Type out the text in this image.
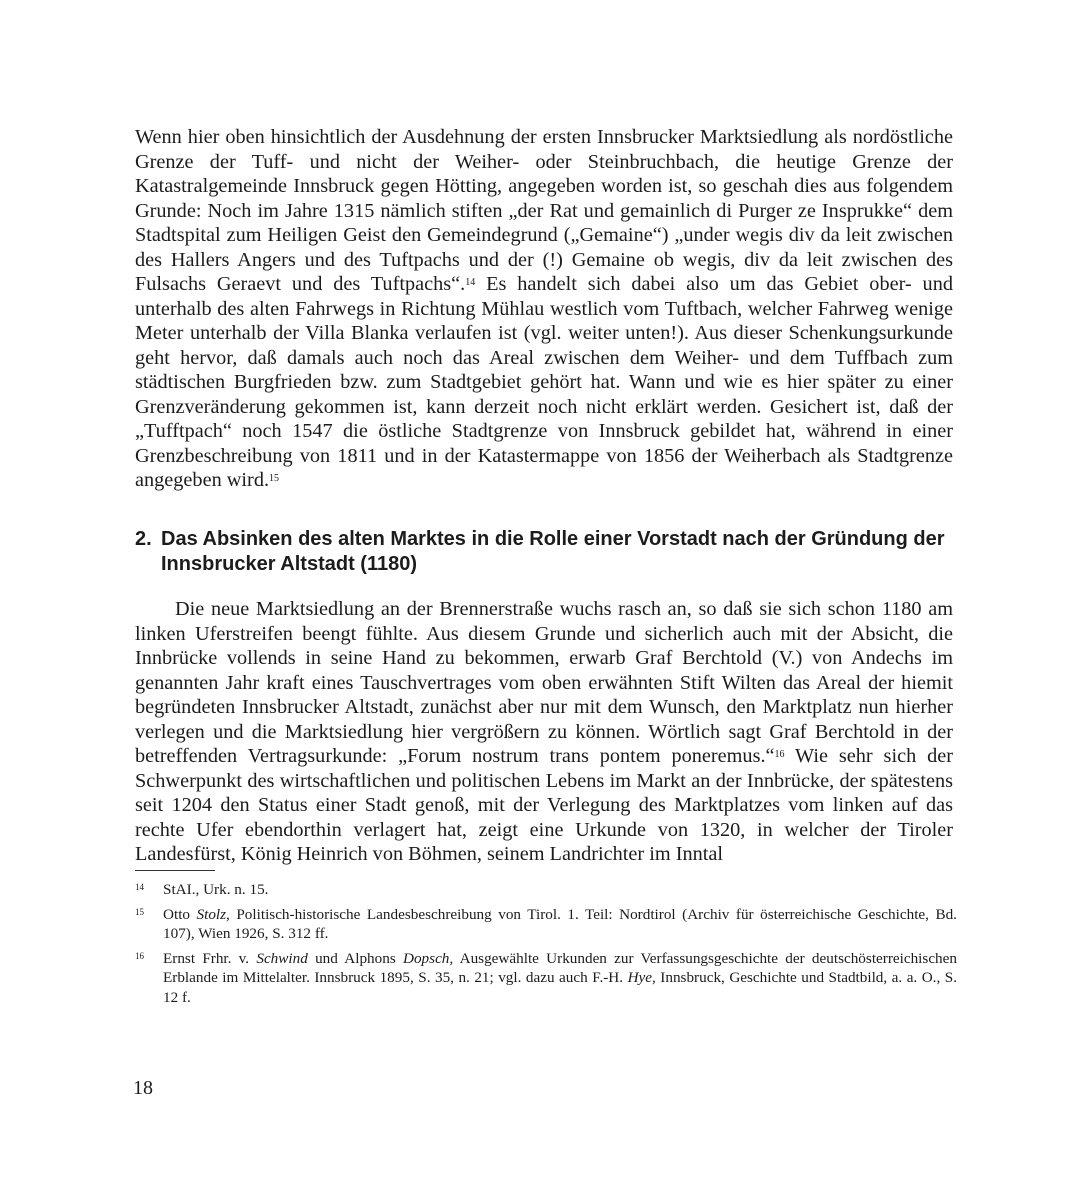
Wenn hier oben hinsichtlich der Ausdehnung der ersten Innsbrucker Marktsiedlung als nordöstliche Grenze der Tuff- und nicht der Weiher- oder Steinbruchbach, die heutige Grenze der Katastralgemeinde Innsbruck gegen Hötting, angegeben worden ist, so geschah dies aus folgendem Grunde: Noch im Jahre 1315 nämlich stiften „der Rat und gemainlich di Purger ze Insprukke“ dem Stadtspital zum Heiligen Geist den Gemeindegrund („Gemaine“) „under wegis div da leit zwischen des Hallers Angers und des Tuftpachs und der (!) Gemaine ob wegis, div da leit zwischen des Fulsachs Geraevt und des Tuftpachs“.$^{14}$ Es handelt sich dabei also um das Gebiet ober- und unterhalb des alten Fahrwegs in Richtung Mühlau westlich vom Tuftbach, welcher Fahrweg wenige Meter unterhalb der Villa Blanka verlaufen ist (vgl. weiter unten!). Aus dieser Schenkungsurkunde geht hervor, daß damals auch noch das Areal zwischen dem Weiher- und dem Tuffbach zum städtischen Burgfrieden bzw. zum Stadtgebiet gehört hat. Wann und wie es hier später zu einer Grenzveränderung gekommen ist, kann derzeit noch nicht erklärt werden. Gesichert ist, daß der „Tufftpach“ noch 1547 die östliche Stadtgrenze von Innsbruck gebildet hat, während in einer Grenzbeschreibung von 1811 und in der Katastermappe von 1856 der Weiherbach als Stadtgrenze angegeben wird.$^{15}$

2. Das Absinken des alten Marktes in die Rolle einer Vorstadt nach der Gründung der Innsbrucker Altstadt (1180)

Die neue Marktsiedlung an der Brennerstraße wuchs rasch an, so daß sie sich schon 1180 am linken Uferstreifen beengt fühlte. Aus diesem Grunde und sicherlich auch mit der Absicht, die Innbrücke vollends in seine Hand zu bekommen, erwarb Graf Berchtold (V.) von Andechs im genannten Jahr kraft eines Tauschvertrages vom oben erwähnten Stift Wilten das Areal der hiemit begründeten Innsbrucker Altstadt, zunächst aber nur mit dem Wunsch, den Marktplatz nun hierher verlegen und die Marktsiedlung hier vergrößern zu können. Wörtlich sagt Graf Berchtold in der betreffenden Vertragsurkunde: „Forum nostrum trans pontem poneremus.“$^{16}$ Wie sehr sich der Schwerpunkt des wirtschaftlichen und politischen Lebens im Markt an der Innbrücke, der spätestens seit 1204 den Status einer Stadt genoß, mit der Verlegung des Marktplatzes vom linken auf das rechte Ufer ebendorthin verlagert hat, zeigt eine Urkunde von 1320, in welcher der Tiroler Landesfürst, König Heinrich von Böhmen, seinem Landrichter im Inntal

14 StAI., Urk. n. 15.
15 Otto Stolz, Politisch-historische Landesbeschreibung von Tirol. 1. Teil: Nordtirol (Archiv für österreichische Geschichte, Bd. 107), Wien 1926, S. 312 ff.
16 Ernst Frhr. v. Schwind und Alphons Dopsch, Ausgewählte Urkunden zur Verfassungsgeschichte der deutschösterreichischen Erblande im Mittelalter. Innsbruck 1895, S. 35, n. 21; vgl. dazu auch F.-H. Hye, Innsbruck, Geschichte und Stadtbild, a. a. O., S. 12 f.
18
